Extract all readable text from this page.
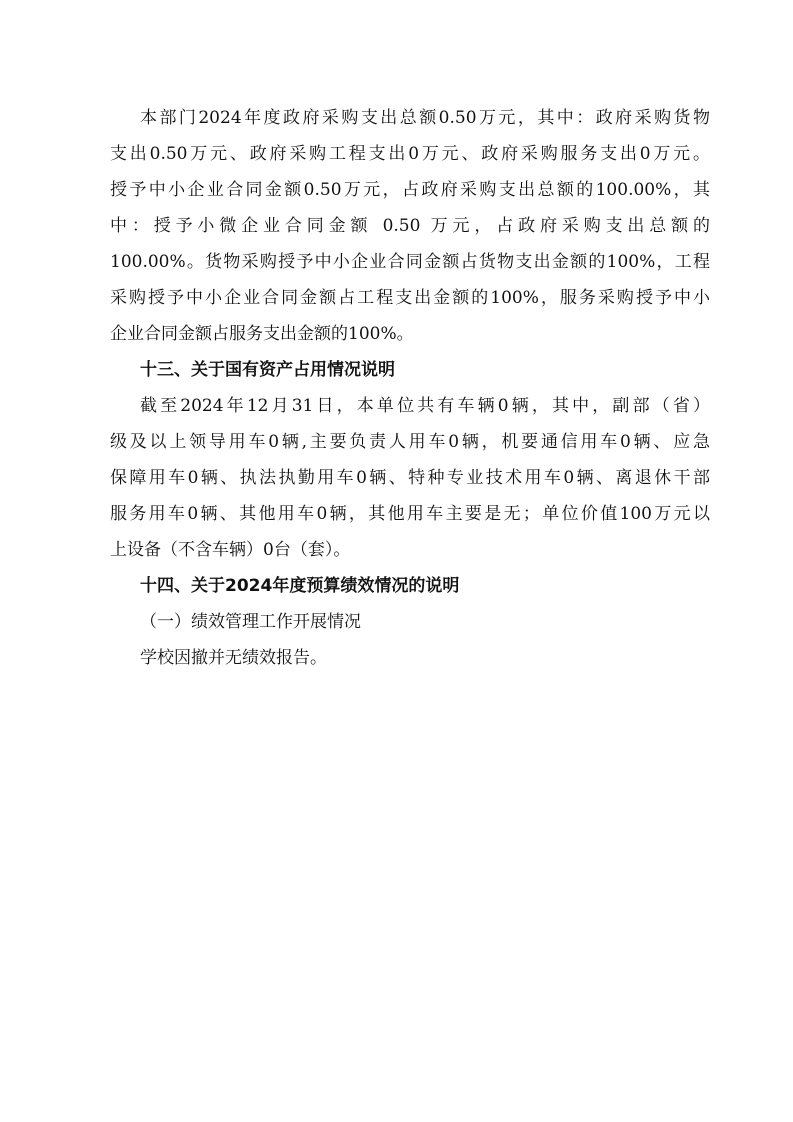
本部门2024年度政府采购支出总额0.50万元，其中：政府采购货物
支出0.50万元、政府采购工程支出0万元、政府采购服务支出0万元。
授予中小企业合同金额0.50万元，占政府采购支出总额的100.00%，其
中：授予小微企业合同金额 0.50 万元，占政府采购支出总额的
100.00%。货物采购授予中小企业合同金额占货物支出金额的100%，工程
采购授予中小企业合同金额占工程支出金额的100%，服务采购授予中小
企业合同金额占服务支出金额的100%。
十三、关于国有资产占用情况说明
截至2024年12月31日，本单位共有车辆0辆，其中，副部（省）
级及以上领导用车0辆,主要负责人用车0辆，机要通信用车0辆、应急
保障用车0辆、执法执勤用车0辆、特种专业技术用车0辆、离退休干部
服务用车0辆、其他用车0辆，其他用车主要是无；单位价值100万元以
上设备（不含车辆）0台（套）。
十四、关于2024年度预算绩效情况的说明
（一）绩效管理工作开展情况
学校因撤并无绩效报告。
